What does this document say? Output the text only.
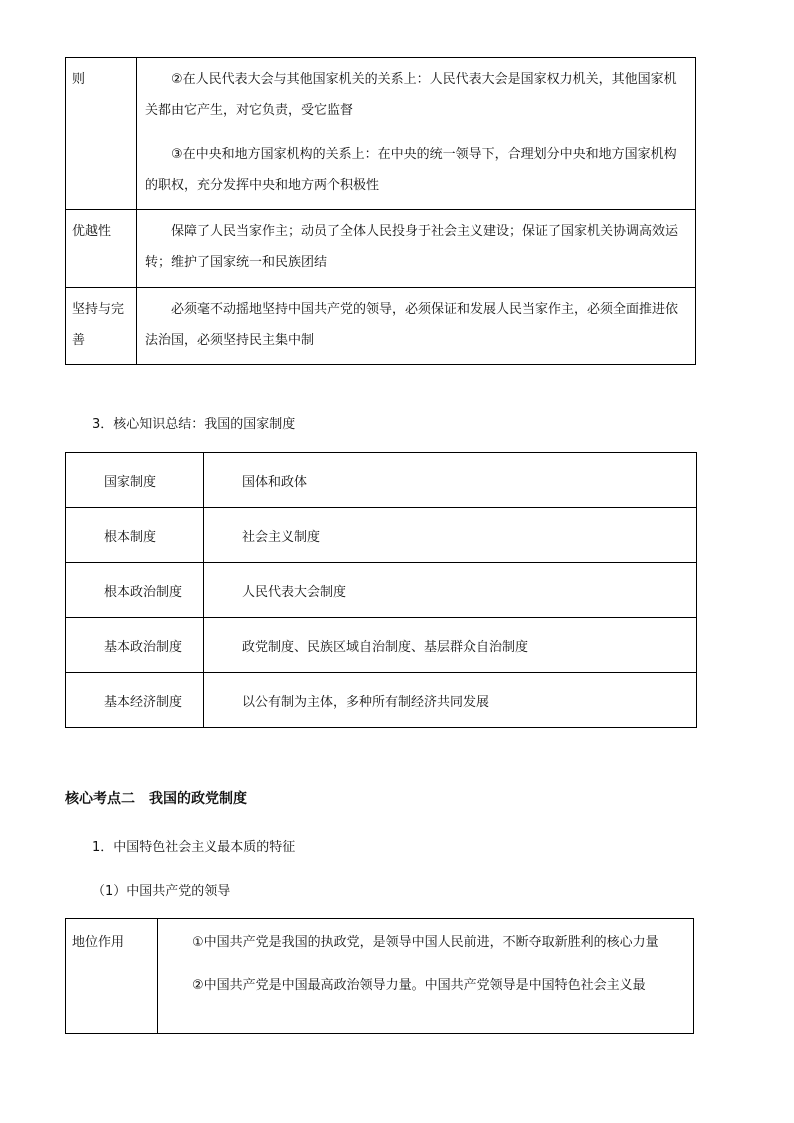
则	②在人民代表大会与其他国家机关的关系上：人民代表大会是国家权力机关，其他国家机关都由它产生，对它负责，受它监督

③在中央和地方国家机构的关系上：在中央的统一领导下，合理划分中央和地方国家机构的职权，充分发挥中央和地方两个积极性

优越性	保障了人民当家作主；动员了全体人民投身于社会主义建设；保证了国家机关协调高效运转；维护了国家统一和民族团结

坚持与完善	必须毫不动摇地坚持中国共产党的领导，必须保证和发展人民当家作主，必须全面推进依法治国，必须坚持民主集中制

3．核心知识总结：我国的国家制度
国家制度	国体和政体
根本制度	社会主义制度
根本政治制度	人民代表大会制度
基本政治制度	政党制度、民族区域自治制度、基层群众自治制度
基本经济制度	以公有制为主体，多种所有制经济共同发展
核心考点二　我国的政党制度
1．中国特色社会主义最本质的特征
（1）中国共产党的领导
地位作用	①中国共产党是我国的执政党，是领导中国人民前进，不断夺取新胜利的核心力量

②中国共产党是中国最高政治领导力量。中国共产党领导是中国特色社会主义最
